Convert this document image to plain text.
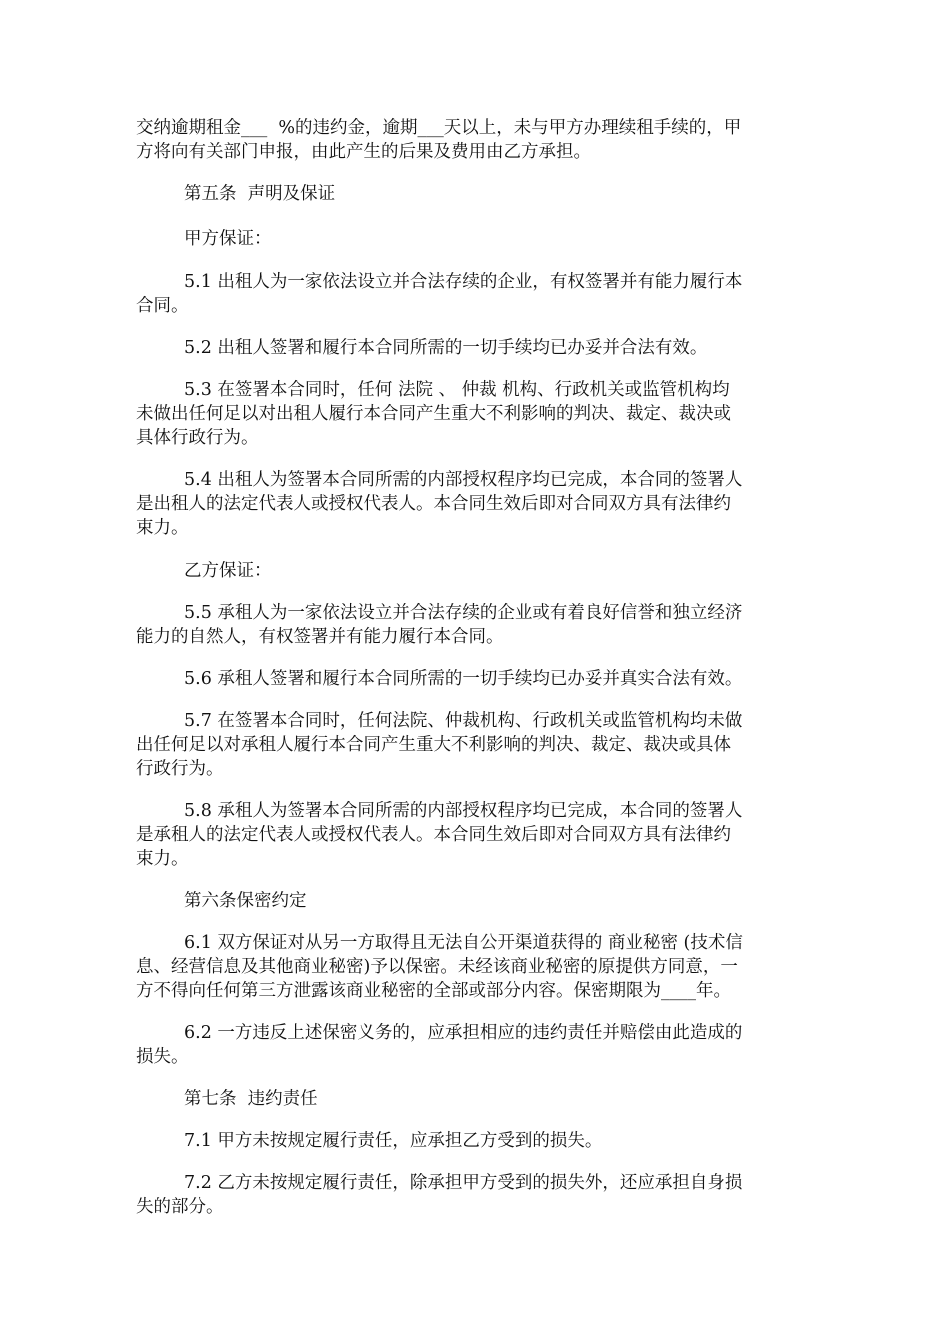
交纳逾期租金___  %的违约金，逾期___天以上，未与甲方办理续租手续的，甲

方将向有关部门申报，由此产生的后果及费用由乙方承担。

第五条  声明及保证

甲方保证：

5.1 出租人为一家依法设立并合法存续的企业，有权签署并有能力履行本

合同。

5.2 出租人签署和履行本合同所需的一切手续均已办妥并合法有效。

5.3 在签署本合同时，任何 法院 、 仲裁 机构、行政机关或监管机构均

未做出任何足以对出租人履行本合同产生重大不利影响的判决、裁定、裁决或

具体行政行为。

5.4 出租人为签署本合同所需的内部授权程序均已完成，本合同的签署人

是出租人的法定代表人或授权代表人。本合同生效后即对合同双方具有法律约

束力。

乙方保证：

5.5 承租人为一家依法设立并合法存续的企业或有着良好信誉和独立经济

能力的自然人，有权签署并有能力履行本合同。

5.6 承租人签署和履行本合同所需的一切手续均已办妥并真实合法有效。

5.7 在签署本合同时，任何法院、仲裁机构、行政机关或监管机构均未做

出任何足以对承租人履行本合同产生重大不利影响的判决、裁定、裁决或具体

行政行为。

5.8 承租人为签署本合同所需的内部授权程序均已完成，本合同的签署人

是承租人的法定代表人或授权代表人。本合同生效后即对合同双方具有法律约

束力。

第六条保密约定

6.1 双方保证对从另一方取得且无法自公开渠道获得的 商业秘密 (技术信

息、经营信息及其他商业秘密)予以保密。未经该商业秘密的原提供方同意，一

方不得向任何第三方泄露该商业秘密的全部或部分内容。保密期限为____年。

6.2 一方违反上述保密义务的，应承担相应的违约责任并赔偿由此造成的

损失。

第七条  违约责任

7.1 甲方未按规定履行责任，应承担乙方受到的损失。

7.2 乙方未按规定履行责任，除承担甲方受到的损失外，还应承担自身损

失的部分。
